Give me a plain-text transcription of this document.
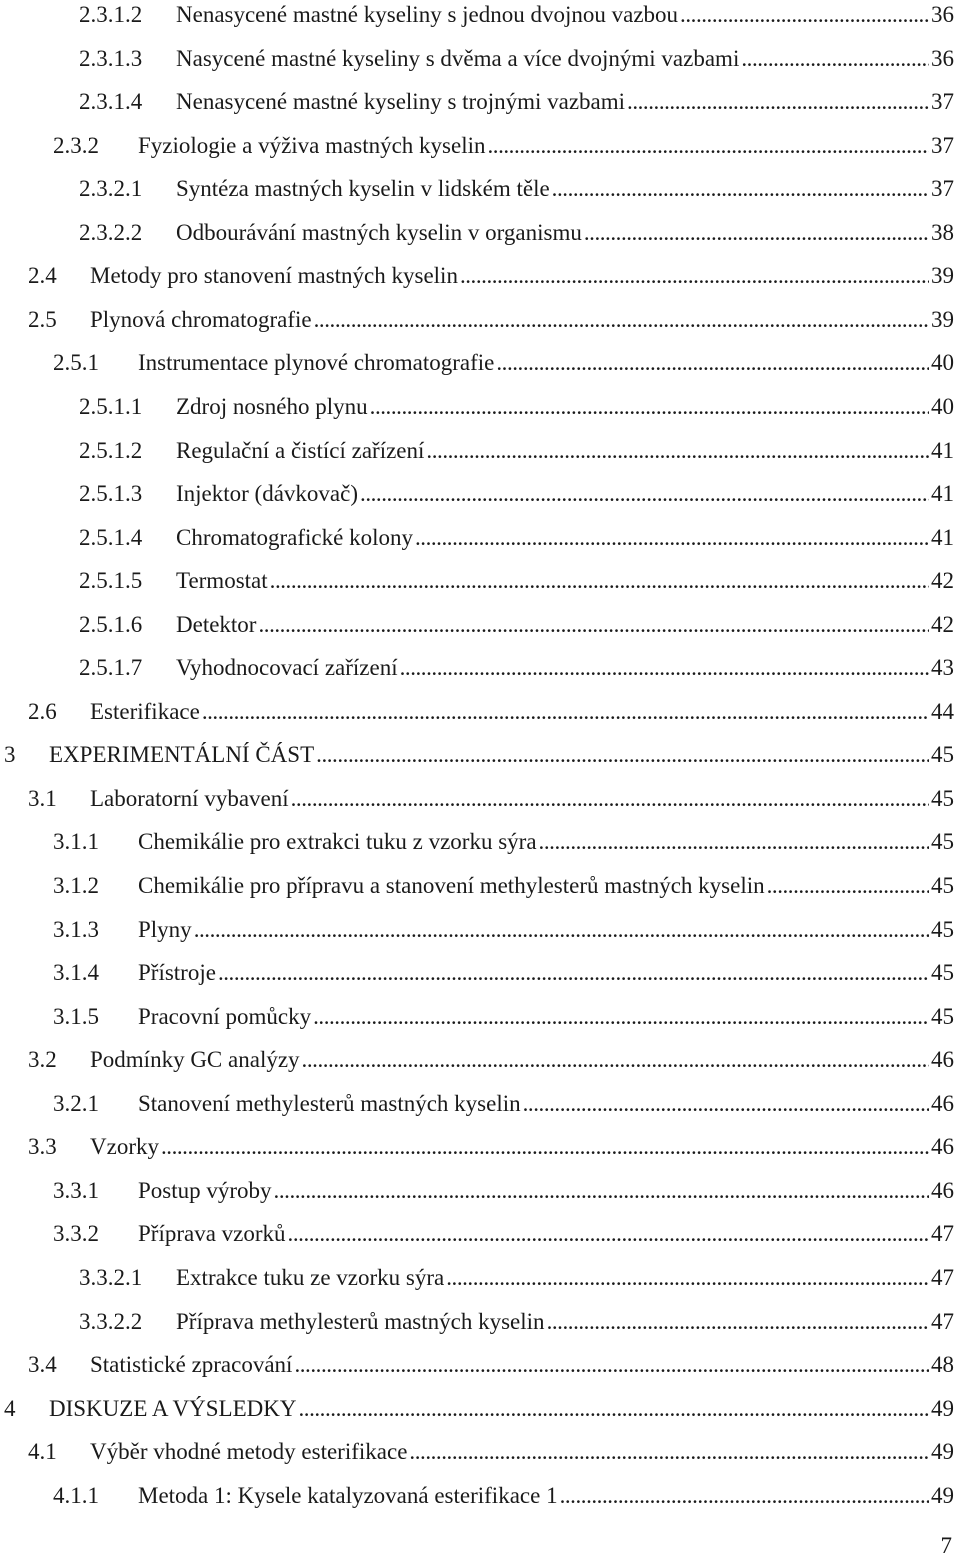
2.3.1.2	Nenasycené mastné kyseliny s jednou dvojnou vazbou . . .	36
2.3.1.3	Nasycené mastné kyseliny s dvěma a více dvojnými vazbami . . .	36
2.3.1.4	Nenasycené mastné kyseliny s trojnými vazbami . . .	37
2.3.2	Fyziologie a výživa mastných kyselin . . .	37
2.3.2.1	Syntéza mastných kyselin v lidském těle . . .	37
2.3.2.2	Odbourávání mastných kyselin v organismu . . .	38
2.4	Metody pro stanovení mastných kyselin . . .	39
2.5	Plynová chromatografie . . .	39
2.5.1	Instrumentace plynové chromatografie . . .	40
2.5.1.1	Zdroj nosného plynu . . .	40
2.5.1.2	Regulační a čistící zařízení . . .	41
2.5.1.3	Injektor (dávkovač) . . .	41
2.5.1.4	Chromatografické kolony . . .	41
2.5.1.5	Termostat . . .	42
2.5.1.6	Detektor . . .	42
2.5.1.7	Vyhodnocovací zařízení . . .	43
2.6	Esterifikace . . .	44
3	EXPERIMENTÁLNÍ ČÁST . . .	45
3.1	Laboratorní vybavení . . .	45
3.1.1	Chemikálie pro extrakci tuku z vzorku sýra . . .	45
3.1.2	Chemikálie pro přípravu a stanovení methylesterů mastných kyselin . . .	45
3.1.3	Plyny . . .	45
3.1.4	Přístroje . . .	45
3.1.5	Pracovní pomůcky . . .	45
3.2	Podmínky GC analýzy . . .	46
3.2.1	Stanovení methylesterů mastných kyselin . . .	46
3.3	Vzorky . . .	46
3.3.1	Postup výroby . . .	46
3.3.2	Příprava vzorků . . .	47
3.3.2.1	Extrakce tuku ze vzorku sýra . . .	47
3.3.2.2	Příprava methylesterů mastných kyselin . . .	47
3.4	Statistické zpracování . . .	48
4	DISKUZE A VÝSLEDKY . . .	49
4.1	Výběr vhodné metody esterifikace . . .	49
4.1.1	Metoda 1: Kysele katalyzovaná esterifikace 1 . . .	49
7
